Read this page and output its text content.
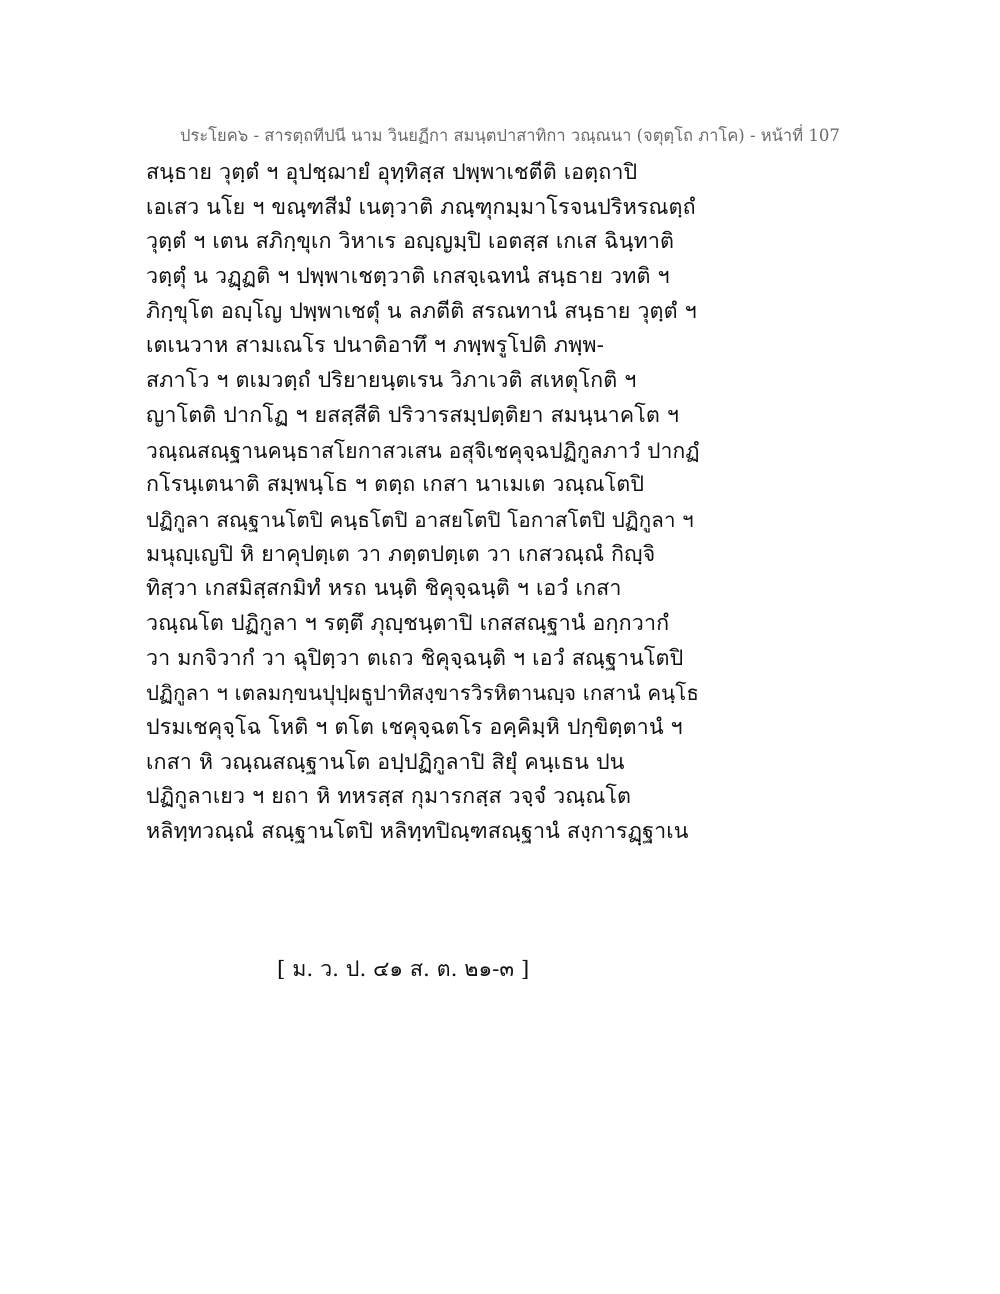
ประโยค๖ - สารตฺถทีปนี นาม วินยฏีกา สมนฺตปาสาทิกา วณฺณนา (จตุตฺโถ ภาโค) - หน้าที่ 107
สนฺธาย วุตฺตํ ฯ อุปชฺฌายํ อุทฺทิสฺส ปพฺพาเชตีติ เอตฺถาปิ
เอเสว นโย ฯ ขณฺฑสีมํ เนตฺวาติ ภณฺฑุกมฺมาโรจนปริหรณตฺถํ
วุตฺตํ ฯ เตน สภิกฺขุเก วิหาเร อญฺญมฺปิ เอตสฺส เกเส ฉินฺทาติ
วตฺตุํ น วฏฺฏติ ฯ ปพฺพาเชตฺวาติ เกสจฺเฉทนํ สนฺธาย วทติ ฯ
ภิกฺขุโต อญฺโญ ปพฺพาเชตุํ น ลภตีติ สรณทานํ สนฺธาย วุตฺตํ ฯ
เตเนวาห สามเณโร ปนาติอาทึ ฯ ภพฺพรูโปติ ภพฺพ-
สภาโว ฯ ตเมวตฺถํ ปริยายนฺตเรน วิภาเวติ สเหตุโกติ ฯ
ญาโตติ ปากโฏ ฯ ยสสฺสีติ ปริวารสมฺปตฺติยา สมนฺนาคโต ฯ
วณฺณสณฺฐานคนฺธาสโยกาสวเสน อสุจิเชคุจฺฉปฏิกูลภาวํ ปากฏํ
กโรนฺเตนาติ สมฺพนฺโธ ฯ ตตฺถ เกสา นาเมเต วณฺณโตปิ
ปฏิกูลา สณฺฐานโตปิ คนฺธโตปิ อาสยโตปิ โอกาสโตปิ ปฏิกูลา ฯ
มนุญฺเญปิ หิ ยาคุปตฺเต วา ภตฺตปตฺเต วา เกสวณฺณํ กิญฺจิ
ทิสฺวา เกสมิสฺสกมิทํ หรถ นนฺติ ชิคุจฺฉนฺติ ฯ เอวํ เกสา
วณฺณโต ปฏิกูลา ฯ รตฺตึ ภุญฺชนฺตาปิ เกสสณฺฐานํ อกฺกวากํ
วา มกจิวากํ วา ฉุปิตฺวา ตเถว ชิคุจฺฉนฺติ ฯ เอวํ สณฺฐานโตปิ
ปฏิกูลา ฯ เตลมกฺขนปุปฺผธูปาทิสงฺขารวิรหิตานญฺจ เกสานํ คนฺโธ
ปรมเชคุจฺโฉ โหติ ฯ ตโต เชคุจฺฉตโร อคฺคิมฺหิ ปกฺขิตฺตานํ ฯ
เกสา หิ วณฺณสณฺฐานโต อปฺปฏิกูลาปิ สิยุํ คนฺเธน ปน
ปฏิกูลาเยว ฯ ยถา หิ ทหรสฺส กุมารกสฺส วจฺจํ วณฺณโต
หลิทฺทวณฺณํ สณฺฐานโตปิ หลิทฺทปิณฺฑสณฺฐานํ สงฺการฏฺฐาเน
[ ม. ว. ป. ๔๑ ส. ต. ๒๑-๓ ]
